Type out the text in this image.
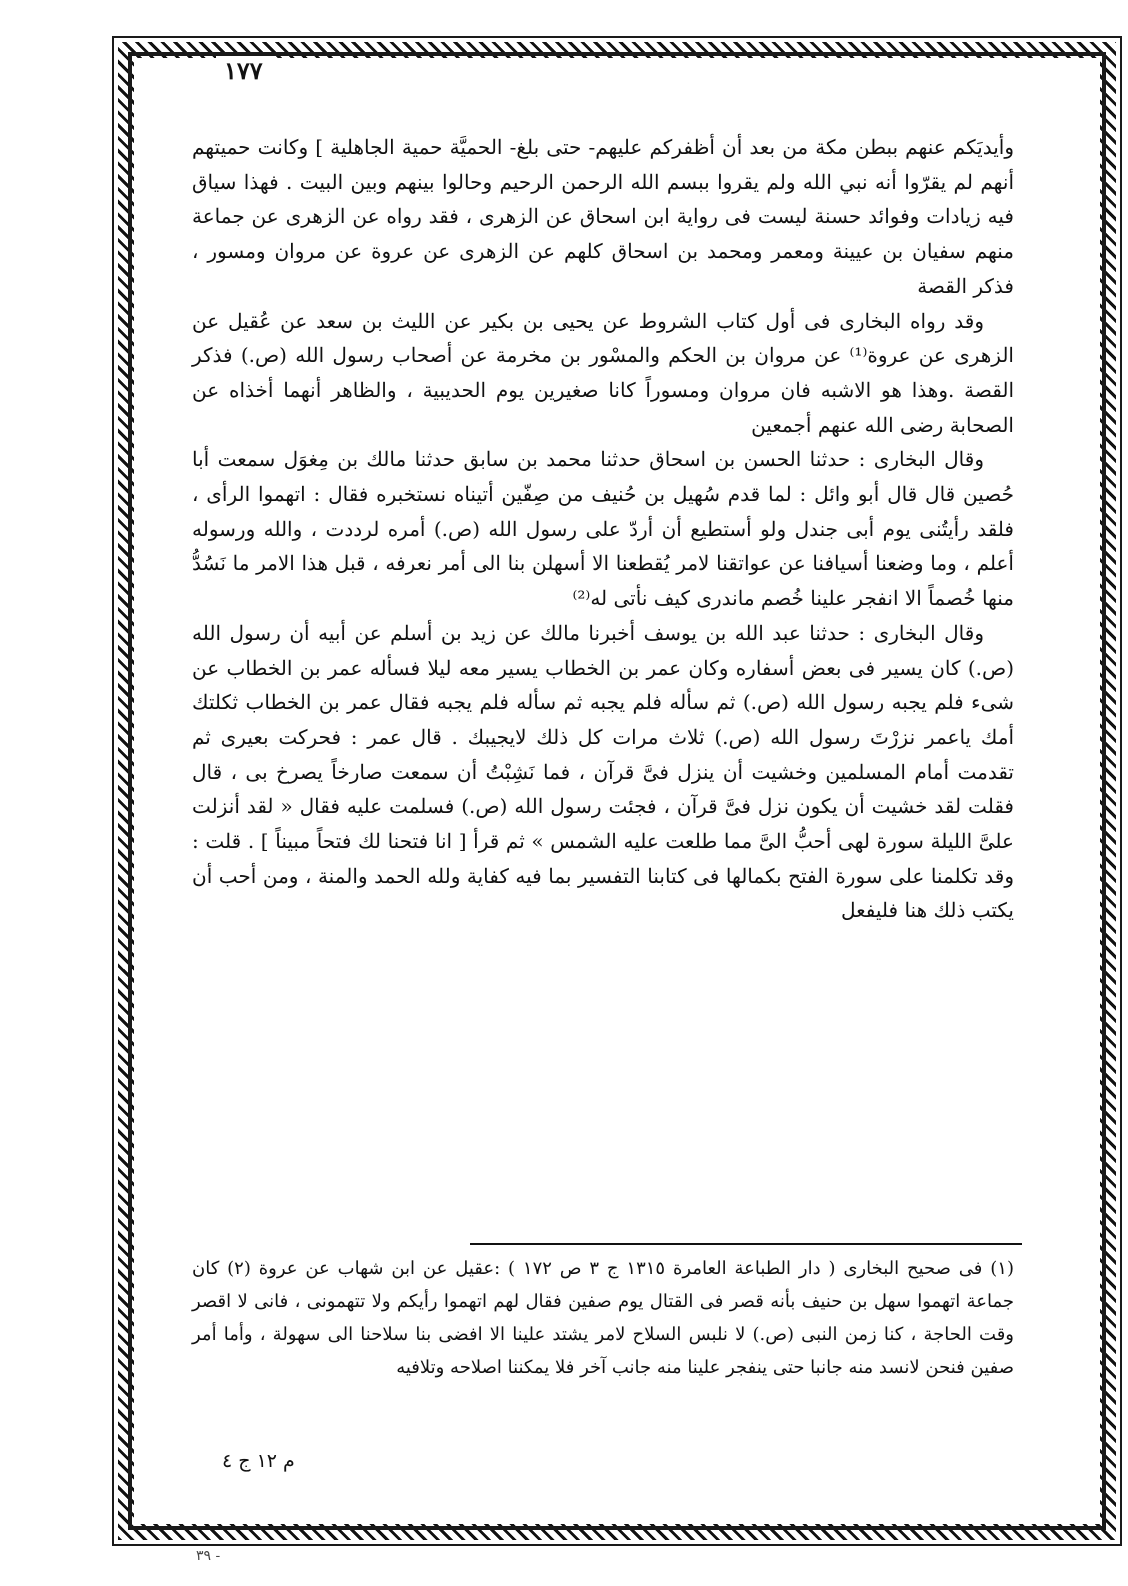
١٧٧

وأيديَكم عنهم ببطن مكة من بعد أن أظفركم عليهم- حتى بلغ- الحميَّة حمية الجاهلية ] وكانت حميتهم أنهم لم يقرّوا أنه نبي الله ولم يقروا ببسم الله الرحمن الرحيم وحالوا بينهم وبين البيت . فهذا سياق فيه زيادات وفوائد حسنة ليست فى رواية ابن اسحاق عن الزهرى ، فقد رواه عن الزهرى عن جماعة منهم سفيان بن عيينة ومعمر ومحمد بن اسحاق كلهم عن الزهرى عن عروة عن مروان ومسور ، فذكر القصة

وقد رواه البخارى فى أول كتاب الشروط عن يحيى بن بكير عن الليث بن سعد عن عُقيل عن الزهرى عن عروة⁽¹⁾ عن مروان بن الحكم والمسْور بن مخرمة عن أصحاب رسول الله (ص.) فذكر القصة .وهذا هو الاشبه فان مروان ومسوراً كانا صغيرين يوم الحديبية ، والظاهر أنهما أخذاه عن الصحابة رضى الله عنهم أجمعين

وقال البخارى : حدثنا الحسن بن اسحاق حدثنا محمد بن سابق حدثنا مالك بن مِغوَل سمعت أبا حُصين قال قال أبو وائل : لما قدم سُهيل بن حُنيف من صِفّين أتيناه نستخبره فقال : اتهموا الرأى ، فلقد رأيتُنى يوم أبى جندل ولو أستطيع أن أردّ على رسول الله (ص.) أمره لرددت ، والله ورسوله أعلم ، وما وضعنا أسيافنا عن عواتقنا لامر يُقطعنا الا أسهلن بنا الى أمر نعرفه ، قبل هذا الامر ما نَسُدُّ منها خُصماً الا انفجر علينا خُصم ماندرى كيف نأتى له⁽²⁾

وقال البخارى : حدثنا عبد الله بن يوسف أخبرنا مالك عن زيد بن أسلم عن أبيه أن رسول الله (ص.) كان يسير فى بعض أسفاره وكان عمر بن الخطاب يسير معه ليلا فسأله عمر بن الخطاب عن شىء فلم يجبه رسول الله (ص.) ثم سأله فلم يجبه ثم سأله فلم يجبه فقال عمر بن الخطاب ثكلتك أمك ياعمر نزرْتَ رسول الله (ص.) ثلاث مرات كل ذلك لايجيبك . قال عمر : فحركت بعيرى ثم تقدمت أمام المسلمين وخشيت أن ينزل فىَّ قرآن ، فما نَشِبْتُ أن سمعت صارخاً يصرخ بى ، قال فقلت لقد خشيت أن يكون نزل فىَّ قرآن ، فجئت رسول الله (ص.) فسلمت عليه فقال « لقد أنزلت علىَّ الليلة سورة لهى أحبُّ الىَّ مما طلعت عليه الشمس » ثم قرأ [ انا فتحنا لك فتحاً مبيناً ] . قلت : وقد تكلمنا على سورة الفتح بكمالها فى كتابنا التفسير بما فيه كفاية ولله الحمد والمنة ، ومن أحب أن يكتب ذلك هنا فليفعل

(١) فى صحيح البخارى ( دار الطباعة العامرة ١٣١٥ ج ٣ ص ١٧٢ ) :عقيل عن ابن شهاب عن عروة (٢) كان جماعة اتهموا سهل بن حنيف بأنه قصر فى القتال يوم صفين فقال لهم اتهموا رأيكم ولا تتهمونى ، فانى لا اقصر وقت الحاجة ، كنا زمن النبى (ص.) لا نلبس السلاح لامر يشتد علينا الا افضى بنا سلاحنا الى سهولة ، وأما أمر صفين فنحن لانسد منه جانبا حتى ينفجر علينا منه جانب آخر فلا يمكننا اصلاحه وتلافيه

م ١٢ ج ٤
٣٩ -
